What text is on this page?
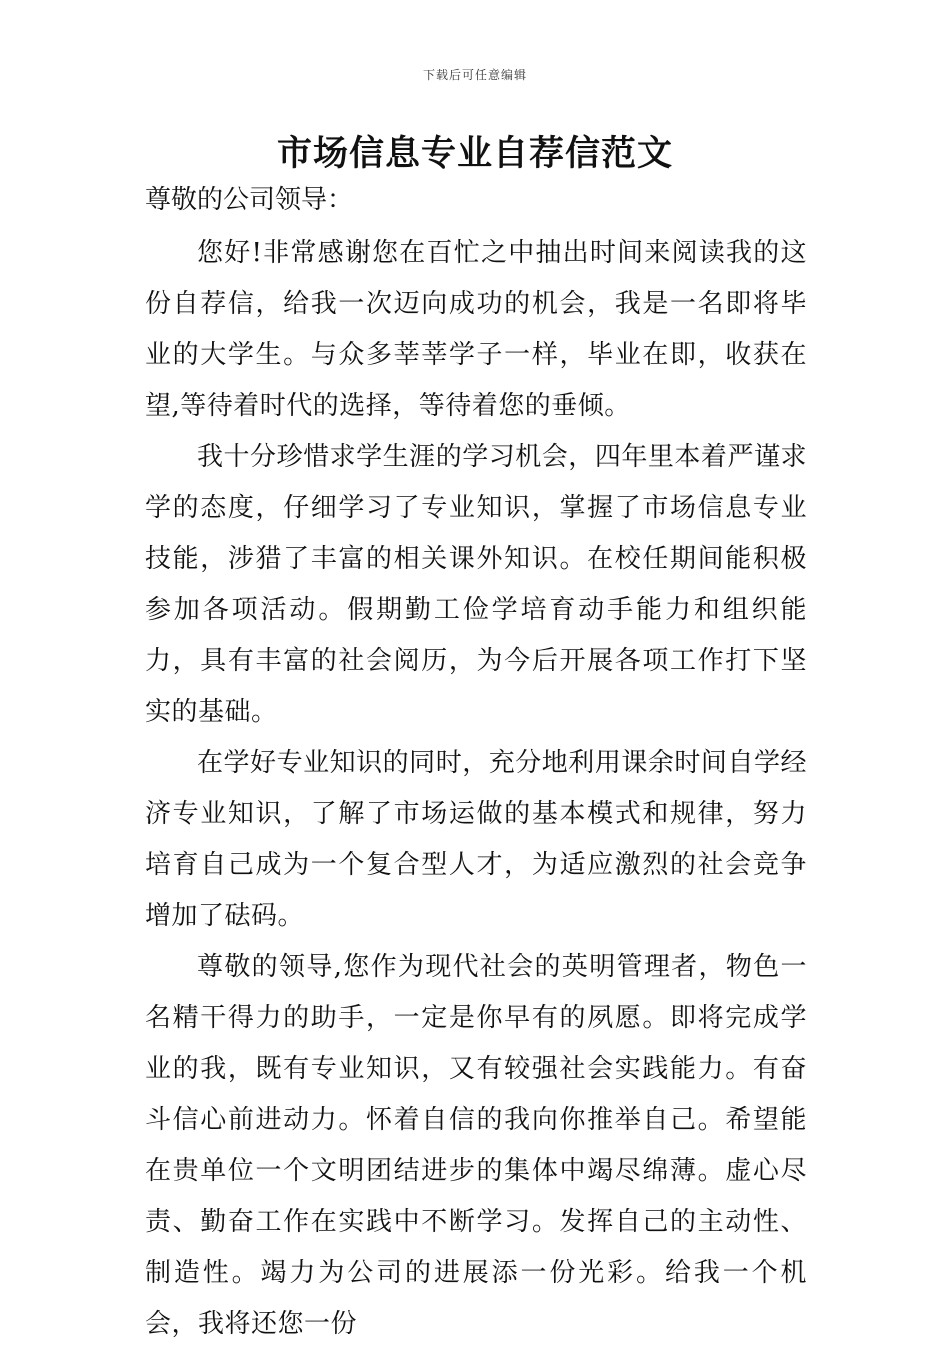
下载后可任意编辑
市场信息专业自荐信范文

尊敬的公司领导：

您好!非常感谢您在百忙之中抽出时间来阅读我的这份自荐信，给我一次迈向成功的机会，我是一名即将毕业的大学生。与众多莘莘学子一样，毕业在即，收获在望,等待着时代的选择，等待着您的垂倾。

我十分珍惜求学生涯的学习机会，四年里本着严谨求学的态度，仔细学习了专业知识，掌握了市场信息专业技能，涉猎了丰富的相关课外知识。在校任期间能积极参加各项活动。假期勤工俭学培育动手能力和组织能力，具有丰富的社会阅历，为今后开展各项工作打下坚实的基础。

在学好专业知识的同时，充分地利用课余时间自学经济专业知识，了解了市场运做的基本模式和规律，努力培育自己成为一个复合型人才，为适应激烈的社会竞争增加了砝码。

尊敬的领导,您作为现代社会的英明管理者，物色一名精干得力的助手，一定是你早有的夙愿。即将完成学业的我，既有专业知识，又有较强社会实践能力。有奋斗信心前进动力。怀着自信的我向你推举自己。希望能在贵单位一个文明团结进步的集体中竭尽绵薄。虚心尽责、勤奋工作在实践中不断学习。发挥自己的主动性、制造性。竭力为公司的进展添一份光彩。给我一个机会，我将还您一份
